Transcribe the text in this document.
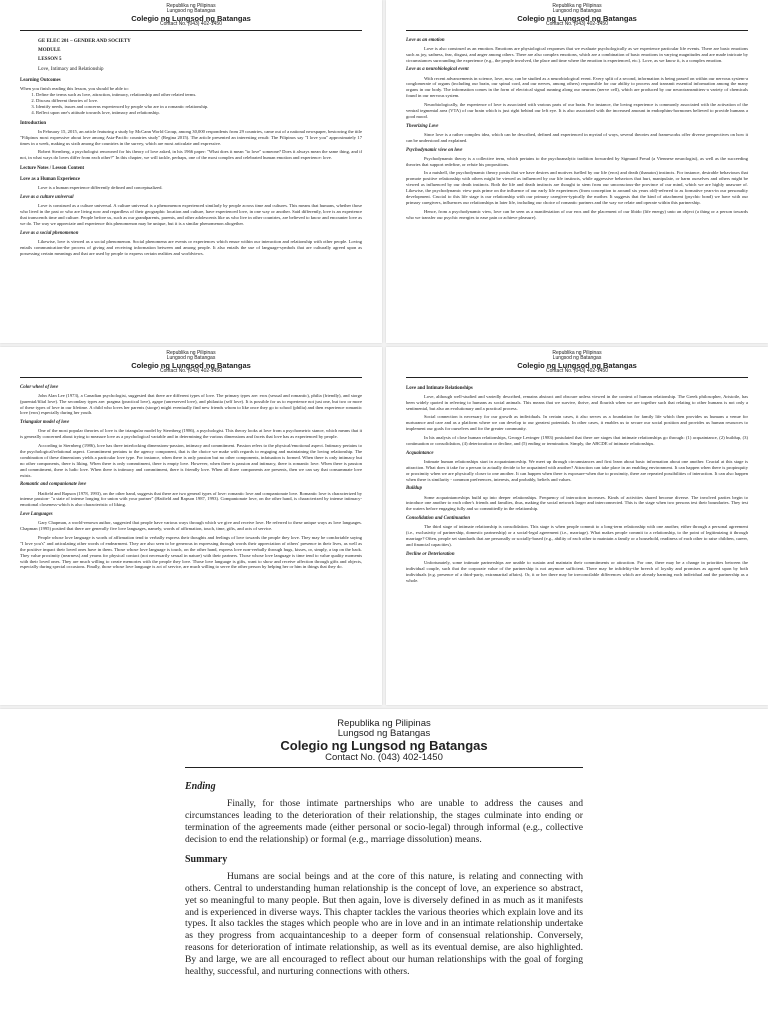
Republika ng Pilipinas
Lungsod ng Batangas
Colegio ng Lungsod ng Batangas
Contact No. (043) 402-1450

GE ELEC 201 – GENDER AND SOCIETY

MODULE

LESSON 5

Love, Intimacy and Relationship

Learning Outcomes

When you finish reading this lesson, you should be able to:

1. Define the terms such as love, attraction, intimacy, relationship and other related terms.
2. Discuss different theories of love.
3. Identify needs, issues and concerns experienced by people who are in a romantic relationship.
4. Reflect upon one's attitude towards love, intimacy and relationship.
Introduction

In February 15, 2015, an article featuring a study by McCann World Group, among 30,000 respondents from 29 countries, came out of a national newspaper, bestowing the title "Filipinos most expressive about love among Asia-Pacific countries study" (Regina 2015). The article presented an interesting result: The Filipinos say "I love you" approximately 17 times in a week, making us sixth among the countries in the survey, which are most articulate and expressive.

Robert Sternberg, a psychologist renowned for his theory of love asked, in his 1966 paper: "What does it mean "to love" someone? Does it always mean the same thing, and if not, in what ways do loves differ from each other?" In this chapter, we will tackle, perhaps, one of the most complex and celebrated human emotion and experience: love.

Lecture Notes / Lesson Content
Love as a Human Experience

Love is a human experience differently defined and conceptualized.

Love as a culture universal

Love is construed as a culture universal. A culture universal is a phenomenon experienced similarly by people across time and cultures. This means that humans, whether those who lived in the past or who are living now and regardless of their geographic location and culture, have experienced love, in one way or another. Said differently, love is an experience that transcends time and culture. People before us, such as our grandparents, parents, and other adolescents like us who live in other countries, are believed to know and encounter love as we do. The way we appreciate and experience this phenomenon may be unique, but it is a similar phenomenon altogether.

Love as a social phenomenon

Likewise, love is viewed as a social phenomenon. Social phenomena are events or experiences which ensue within our interaction and relationship with other people. Loving entails communication-the process of giving and receiving information between and among people. It also entails the use of language-symbols that are culturally agreed upon as possessing certain meanings and that are used by people to express certain realities and worldviews.

Republika ng Pilipinas
Lungsod ng Batangas
Colegio ng Lungsod ng Batangas
Contact No. (043) 402-1450
Love as an emotion

Love is also construed as an emotion. Emotions are physiological responses that we evaluate psychologically as we experience particular life events. There are basic emotions such as joy, sadness, fear, disgust, and anger among others. There are also complex emotions, which are a combination of basic emotions in varying magnitudes and are made intricate by circumstances surrounding the experience (e.g., the people involved, the place and time where the emotion is experienced, etc.). Love, as we know it, is a complex emotion.

Love as a neurobiological event

With recent advancements in science, love, now, can be studied as a neurobiological event. Every split of a second, information is being passed on within our nervous system-a conglomerate of organs (including our brain, our spinal cord, and our nerves, among others) responsible for our ability to process and transmit essential information among the many organs in our body. The information comes in the form of electrical signal running along our neurons (nerve cell), which are produced by our neurotransmitters-a variety of chemicals found in our nervous system.

Neurobiologically, the experience of love is associated with various parts of our brain. For instance, the loving experience is commonly associated with the activation of the ventral tegmental area (VTA) of our brain which is just right behind our left eye. It is also associated with the increased amount in endorphins-hormones believed to provide humans a good mood.

Theorizing Love

Since love is a rather complex idea, which can be described, defined and experienced in myriad of ways, several theories and frameworks offer diverse perspectives on how it can be understood and explained.

Psychodynamic view on love

Psychodynamic theory is a collective term, which pertains to the psychoanalytic tradition forwarded by Sigmund Freud (a Viennese neurologist), as well as the succeeding theories that support redefine, or refute his propositions.

In a nutshell, the psychodynamic theory posits that we have desires and motives fuelled by our life (eros) and death (thanatos) instincts. For instance, desirable behaviours that promote positive relationship with others might be viewed as influenced by our life instincts, while aggressive behaviors that hurt, manipulate, or harm ourselves and others might be viewed as influenced by our death instincts. Both the life and death instincts are thought to stem from our unconscious-the province of our mind, which we are highly unaware of. Likewise, the psychodynamic view puts prime on the influence of our early life experiences (from conception to around six years old)-referred to as formative years-in our personality development. Crucial to this life stage is our relationship with our primary caregiver-typically the mother. It suggests that the kind of attachment (psychic bond) we have with our primary caregivers, influences our relationships in later life, including our choice of romantic partners and the way we relate and operate within this partnership.

Hence, from a psychodynamic view, love can be seen as a manifestation of our eros and the placement of our libido (life energy) unto an object (a thing or a person towards who we transfer our psychic energies to ease pain or achieve pleasure).

Republika ng Pilipinas
Lungsod ng Batangas
Colegio ng Lungsod ng Batangas
Contact No. (043) 402-1450
Color wheel of love

John Alan Lee (1973), a Canadian psychologist, suggested that there are different types of love. The primary types are: eros (sexual and romantic), philia (friendly), and storge (parental/filial love). The secondary types are: pragma (practical love), agape (unreserved love), and philautia (self love). It is possible for us to experience not just one, but two or more of these types of love in our lifetime. A child who loves her parents (storge) might eventually find new friends whom to like once they go to school (philia) and then experience romantic love (eros) especially during her youth.

Triangular model of love

One of the most popular theories of love is the triangular model by Sternberg (1986), a psychologist. This theory looks at love from a psychometric stance, which means that it is generally concerned about trying to measure love as a psychological variable and in determining the various dimensions and facets that love has as experienced by people.

According to Sternberg (1986), love has three interlocking dimensions-passion, intimacy and commitment. Passion refers to the physical/emotional aspect. Intimacy pertains to the psychological/relational aspect. Commitment pertains to the agency component, that is the choice we make with regards to engaging and maintaining the loving relationship. The combination of these dimensions yields a particular love type. For instance, when there is only passion but no other components, infatuation is formed. When there is only intimacy but no other components, there is liking. When there is only commitment, there is empty love. However, when there is passion and intimacy, there is romantic love. When there is passion and commitment, there is ludic love. When there is intimacy and commitment, there is friendly love. When all three components are presents, then we can say that consummate love exists.

Romantic and companionate love

Hatfield and Rapson (1978, 1993), on the other hand, suggests that there are two general types of love: romantic love and companionate love. Romantic love is characterized by intense passion- "a state of intense longing for union with your partner" (Hatfield and Rapson 1987, 1993). Companionate love, on the other hand, is characterized by intense intimacy-emotional closeness-which is also characteristic of liking.

Love Languages

Gary Chapman, a world-renown author, suggested that people have various ways through which we give and receive love. He referred to these unique ways as love languages. Chapman (1995) posited that there are generally five love languages, namely, words of affirmation, touch, time, gifts, and acts of service.

People whose love language is words of affirmation tend to verbally express their thoughts and feelings of love towards the people they love. They may be comfortable saying "I love you's" and articulating other words of endearment. They are also seen to be generous in expressing through words their appreciation of others' presence in their lives, as well as the positive impact their loved ones have in them. Those whose love language is touch, on the other hand, express love non-verbally through hugs, kisses, or, simply, a tap on the back. They value proximity (nearness) and yearns for physical contact (not necessarily sexual in nature) with their partners. Those whose love language is time tend to value quality moments with their loved ones. They are much willing to create memories with the people they love. Those love language is gifts, want to show and receive affection through gifts and objects, especially during special occasions. Finally, those whose love language is act of service, are much willing to serve the other person by helping her or him in things that they do.

Republika ng Pilipinas
Lungsod ng Batangas
Colegio ng Lungsod ng Batangas
Contact No. (043) 402-1450
Love and Intimate Relationships

Love, although well-studied and variedly described, remains abstract and obscure unless viewed in the context of human relationship. The Greek philosopher, Aristotle, has been widely quoted in referring to humans as social animals. This means that we survive, thrive, and flourish when we are together such that relating to other humans is not only a sentimental, but also an evolutionary and a practical process.

Social connection is necessary for our growth as individuals. In certain cases, it also serves as a foundation for family life which then provides us humans a venue for nurturance and care and as a platform where we can develop to our greatest potentials. In other cases, it enables us to secure our social position and provides us human resources to implement our goals for ourselves and for the greater community.

In his analysis of close human relationships, George Levinger (1983) postulated that there are stages that intimate relationships go through: (1) acquaintance, (2) buildup, (3) continuation or consolidation, (4) deterioration or decline, and (5) ending or termination. Simply, the ABCDE of intimate relationships.

Acquaintance

Intimate human relationships start in acquaintanceship. We meet up through circumstances and first learn about basic information about one another. Crucial at this stage is attraction. What does it take for a person to actually decide to be acquainted with another? Attraction can take place in an enabling environment. It can happen when there is propinquity or proximity when we are physically closer to one another. It can happen when there is exposure-when due to proximity, there are repeated possibilities of interaction. It can also happen when there is similarity - common preferences, interests, and probably, beliefs and values.

Buildup

Some acquaintanceships build up into deeper relationships. Frequency of interaction increases. Kinds of activities shared become diverse. The involved parties begin to introduce one another to each other's friends and families, thus, making the social network larger and interconnected. This is the stage when two persons test their boundaries. They test the waters before engaging fully and so committedly in the relationship.

Consolidation and Continuation

The third stage of intimate relationship is consolidation. This stage is when people commit to a long-term relationship with one another, either through a personal agreement (i.e., exclusivity of partnership, domestic partnership) or a social-legal agreement (i.e., marriage). What makes people commit to a relationship, to the point of legitimizing it through marriage? Often, people set standards that are personally or socially-based (e.g., ability of each other to maintain a family or a household, readiness of each other to raise children, career, and financial capacities).

Decline or Deterioration

Unfortunately, some intimate partnerships are unable to sustain and maintain their commitments or attraction. For one, there may be a change in priorities between the individual couple, such that the corporate value of the partnership is not anymore sufficient. There may be infidelity-the breech of loyalty and promises as agreed upon by both individuals (e.g. presence of a third-party, extramarital affairs). Or, it or her there may be irreconcilable differences which are already harming each individual and the partnership as a whole.

Republika ng Pilipinas
Lungsod ng Batangas
Colegio ng Lungsod ng Batangas
Contact No. (043) 402-1450
Ending

Finally, for those intimate partnerships who are unable to address the causes and circumstances leading to the deterioration of their relationship, the stages culminate into ending or termination of the agreements made (either personal or socio-legal) through informal (e.g., collective decision to end the relationship) or formal (e.g., marriage dissolution) means.

Summary

Humans are social beings and at the core of this nature, is relating and connecting with others. Central to understanding human relationship is the concept of love, an experience so abstract, yet so meaningful to many people. But then again, love is diversely defined in as much as it manifests and is experienced in diverse ways. This chapter tackles the various theories which explain love and its types. It also tackles the stages which people who are in love and in an intimate relationship undertake as they progress from acquaintanceship to a deeper form of consensual relationship. Conversely, reasons for deterioration of intimate relationship, as well as its eventual demise, are also highlighted. By and large, we are all encouraged to reflect about our human relationships with the goal of forging healthy, successful, and nurturing connections with others.
